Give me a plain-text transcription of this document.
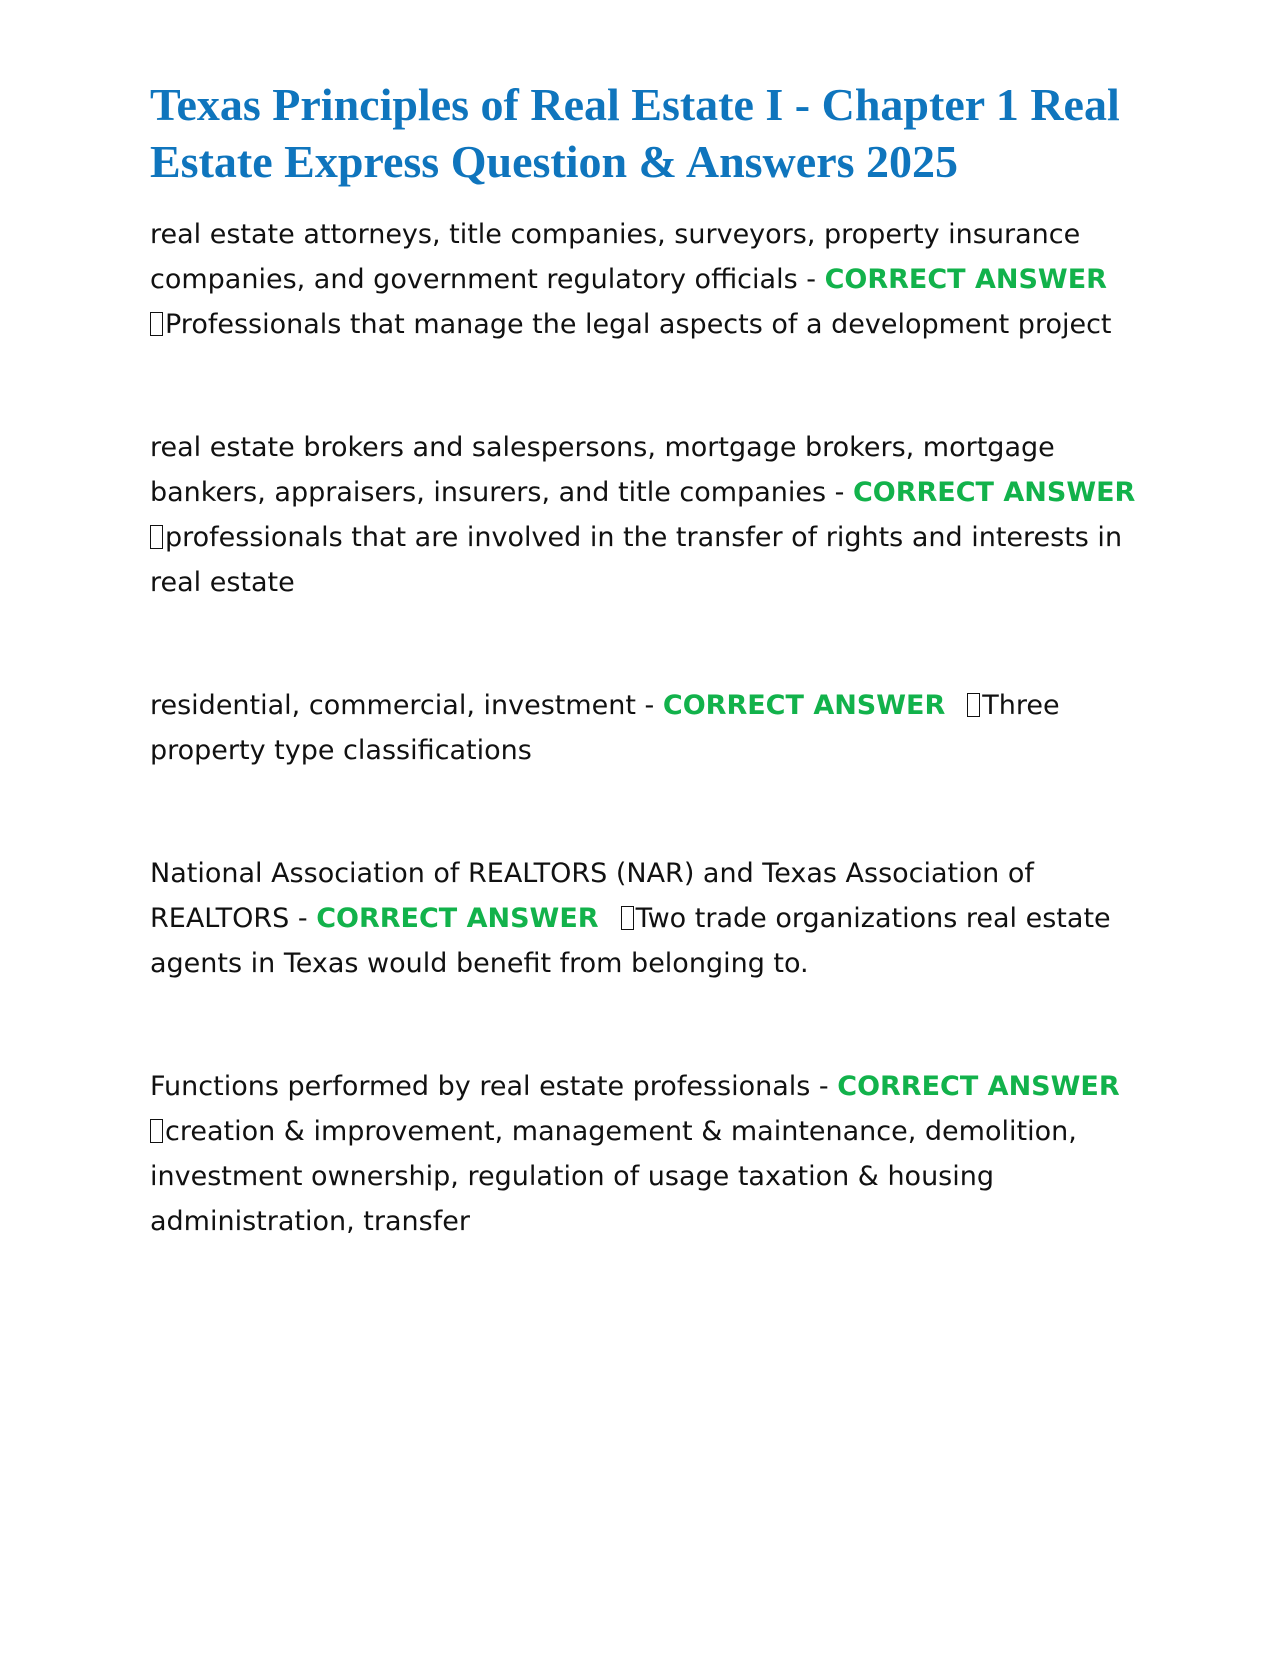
Texas Principles of Real Estate I - Chapter 1 Real Estate Express Question & Answers 2025

real estate attorneys, title companies, surveyors, property insurance companies, and government regulatory officials - CORRECT ANSWER
Professionals that manage the legal aspects of a development project

real estate brokers and salespersons, mortgage brokers, mortgage bankers, appraisers, insurers, and title companies - CORRECT ANSWER
professionals that are involved in the transfer of rights and interests in real estate

residential, commercial, investment - CORRECT ANSWER Three property type classifications

National Association of REALTORS (NAR) and Texas Association of REALTORS - CORRECT ANSWER Two trade organizations real estate agents in Texas would benefit from belonging to.

Functions performed by real estate professionals - CORRECT ANSWER
creation & improvement, management & maintenance, demolition, investment ownership, regulation of usage taxation & housing administration, transfer
